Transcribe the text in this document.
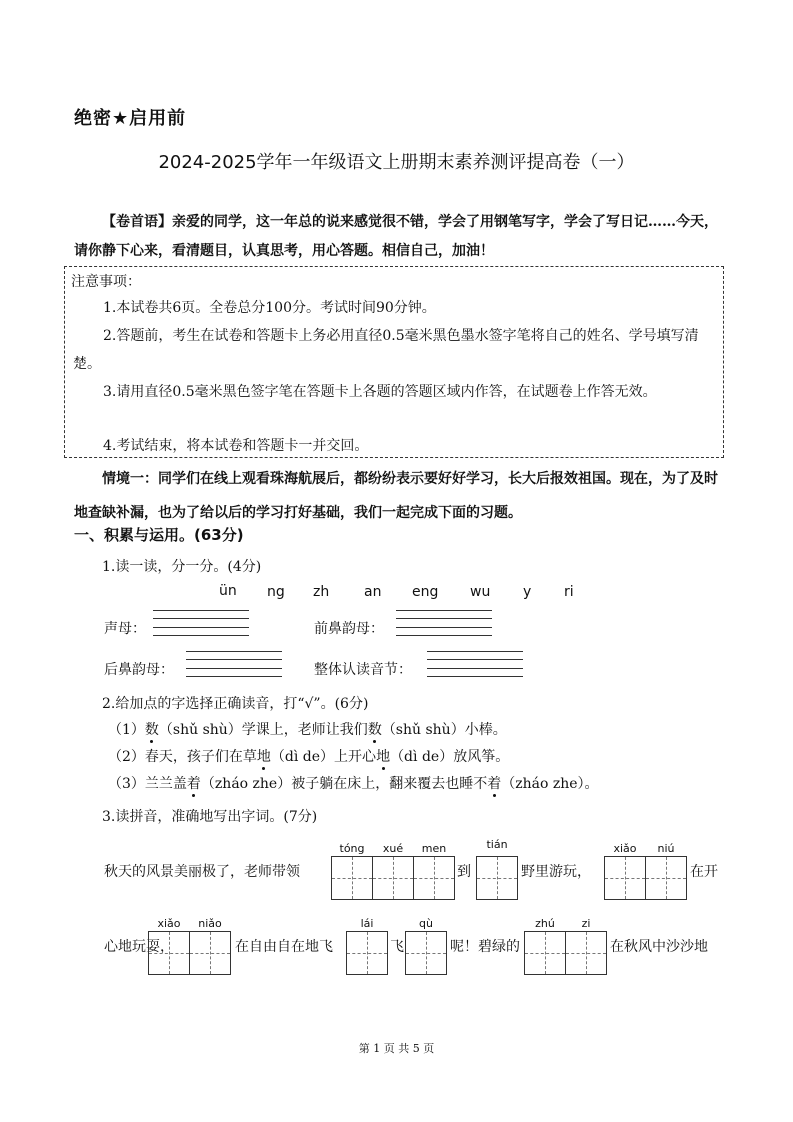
绝密★启用前
2024-2025学年一年级语文上册期末素养测评提高卷（一）
【卷首语】亲爱的同学，这一年总的说来感觉很不错，学会了用钢笔写字，学会了写日记……今天，请你静下心来，看清题目，认真思考，用心答题。相信自己，加油！
注意事项：
1.本试卷共6页。全卷总分100分。考试时间90分钟。
2.答题前，考生在试卷和答题卡上务必用直径0.5毫米黑色墨水签字笔将自己的姓名、学号填写清楚。
3.请用直径0.5毫米黑色签字笔在答题卡上各题的答题区域内作答，在试题卷上作答无效。
4.考试结束，将本试卷和答题卡一并交回。
情境一：同学们在线上观看珠海航展后，都纷纷表示要好好学习，长大后报效祖国。现在，为了及时地查缺补漏，也为了给以后的学习打好基础，我们一起完成下面的习题。
一、积累与运用。(63分)
1.读一读，分一分。(4分)
ün ng zh an eng wu y ri
声母：	前鼻韵母：
后鼻韵母：	整体认读音节：
2.给加点的字选择正确读音，打“√”。(6分)
（1）数（shǔ shù）学课上，老师让我们数（shǔ shù）小棒。
（2）春天，孩子们在草地（dì de）上开心地（dì de）放风筝。
（3）兰兰盖着（zháo zhe）被子躺在床上，翻来覆去也睡不着（zháo zhe）。
3.读拼音，准确地写出字词。(7分)
秋天的风景美丽极了，老师带领
tóng	xué	men
到
tián
野里游玩，
xiǎo	niú
在开
心地玩耍，
xiǎo	niǎo
在自由自在地飞
lái
飞
qù
呢！碧绿的
zhú	zi
在秋风中沙沙地
第 1 页 共 5 页
